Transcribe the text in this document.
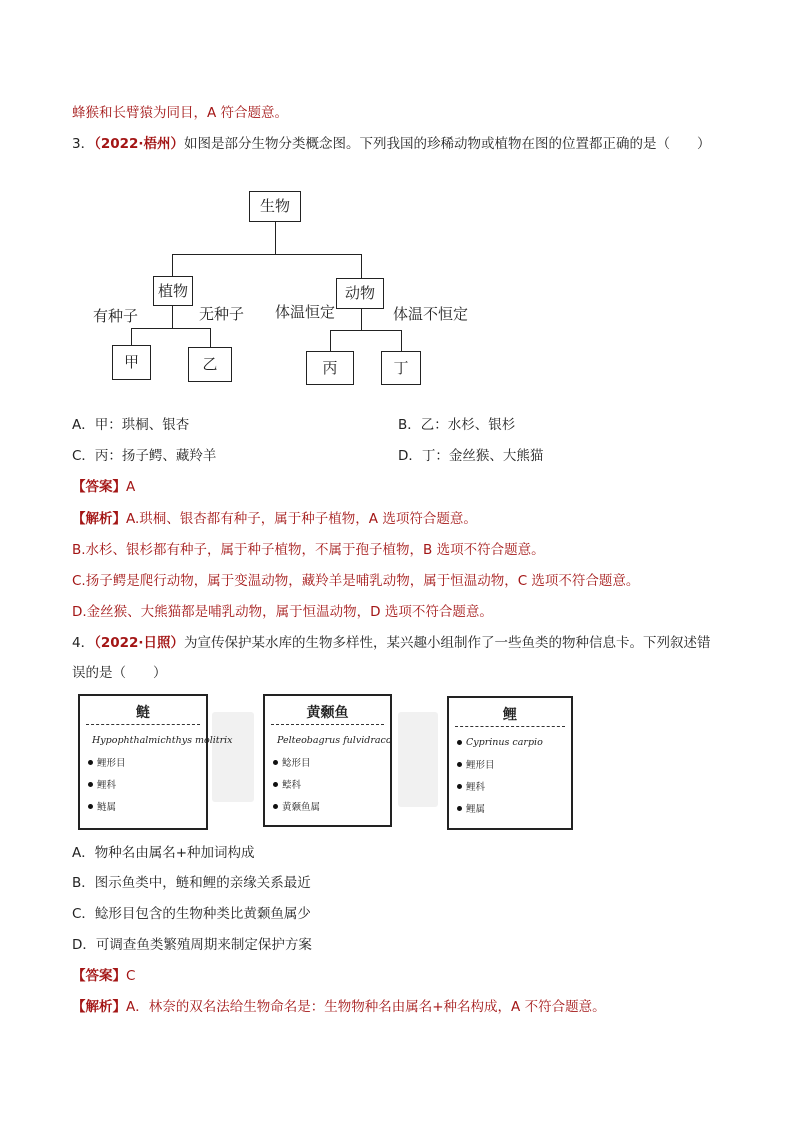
蜂猴和长臂猿为同目，A 符合题意。
3．（2022·梧州）如图是部分生物分类概念图。下列我国的珍稀动物或植物在图的位置都正确的是（　　）
生物
植物	动物
有种子	无种子 体温恒定	体温不恒定
甲	乙	丙	丁
A．甲：珙桐、银杏	B．乙：水杉、银杉
C．丙：扬子鳄、藏羚羊	D．丁：金丝猴、大熊猫
【答案】A
【解析】A.珙桐、银杏都有种子，属于种子植物，A 选项符合题意。
B.水杉、银杉都有种子，属于种子植物，不属于孢子植物，B 选项不符合题意。
C.扬子鳄是爬行动物，属于变温动物，藏羚羊是哺乳动物，属于恒温动物，C 选项不符合题意。
D.金丝猴、大熊猫都是哺乳动物，属于恒温动物，D 选项不符合题意。
4．（2022·日照）为宣传保护某水库的生物多样性，某兴趣小组制作了一些鱼类的物种信息卡。下列叙述错
误的是（　　）
鲢
Hypophthalmichthys molitrix
鲤形目
鲤科
鲢属
黄颡鱼
Pelteobagrus fulvidraco
鲶形目
鲿科
黄颡鱼属
鲤
Cyprinus carpio
鲤形目
鲤科
鲤属
A．物种名由属名+种加词构成
B．图示鱼类中，鲢和鲤的亲缘关系最近
C．鲶形目包含的生物种类比黄颡鱼属少
D．可调查鱼类繁殖周期来制定保护方案
【答案】C
【解析】A．林奈的双名法给生物命名是：生物物种名由属名+种名构成，A 不符合题意。
